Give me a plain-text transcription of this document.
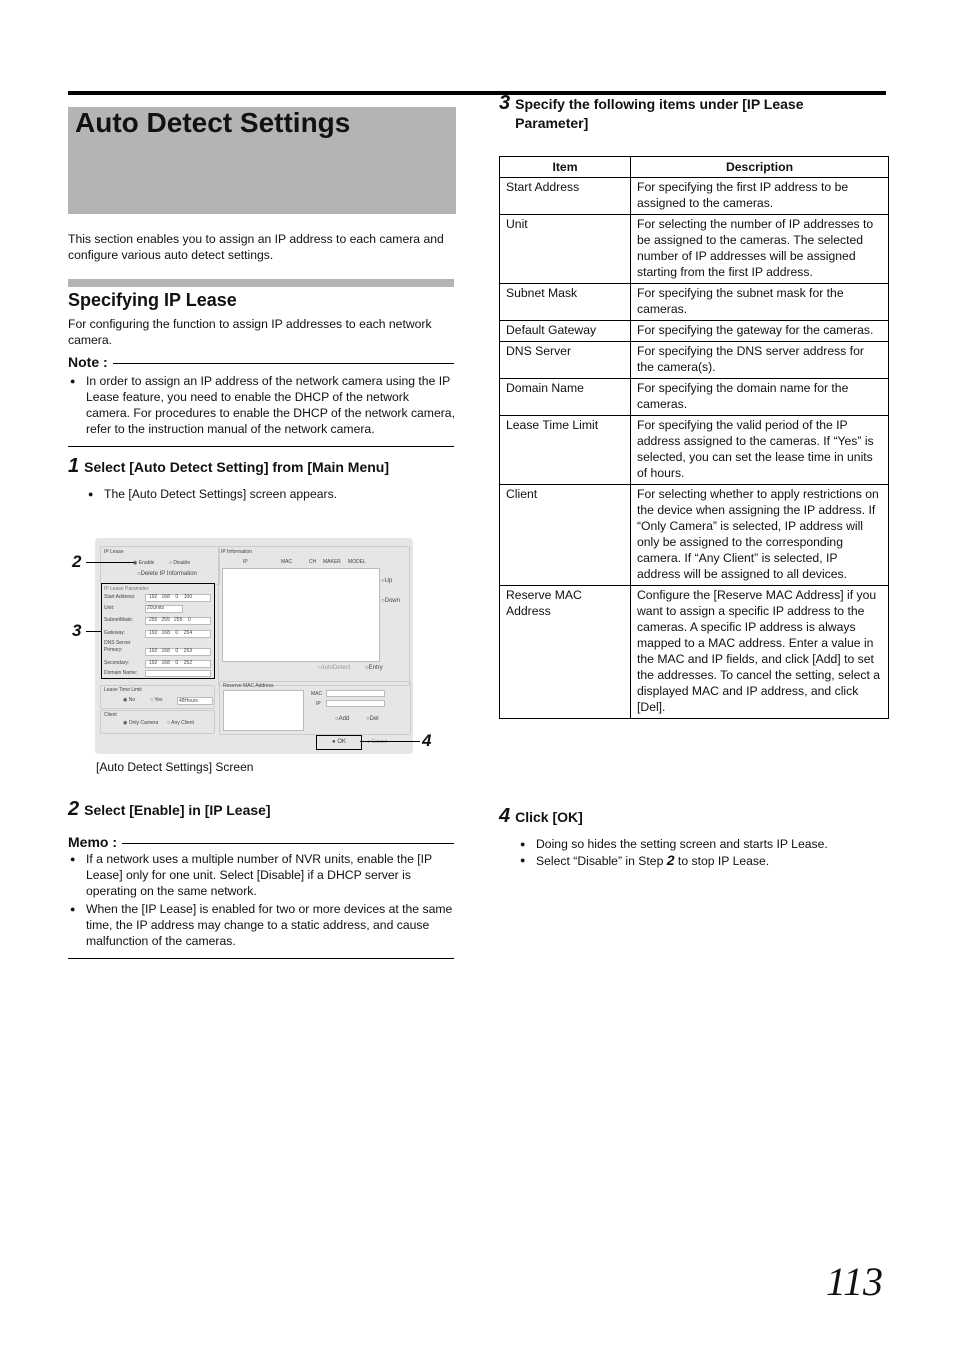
Auto Detect Settings
This section enables you to assign an IP address to each camera and configure various auto detect settings.
Specifying IP Lease
For configuring the function to assign IP addresses to each network camera.
Note :
● In order to assign an IP address of the network camera using the IP Lease feature, you need to enable the DHCP of the network camera. For procedures to enable the DHCP of the network camera, refer to the instruction manual of the network camera.
1 Select [Auto Detect Setting] from [Main Menu]
● The [Auto Detect Settings] screen appears.
IP Lease
◉ Enable	○ Disable
○Delete IP Information
IP Lease Parameter
Start Address:	192 168 0 100
Unit:	20Units
SubnetMask:	255 255 255 0
Gateway:	192 168 0 254
DNS Server
Primary:	192 168 0 253
Secondary:	192 168 0 252
Domain Name:
IP Information
IP	MAC	CH MAKER MODEL
○Up
○Down
○AutoDetect ○Entry
Lease Time Limit
◉ No	○ Yes	48Hours
Client
◉ Only Camera ○ Any Client
Reserve MAC Address
MAC
IP
○Add	○Del
● OK	● Cancel
2
3
4
[Auto Detect Settings] Screen
2 Select [Enable] in [IP Lease]
Memo :
● If a network uses a multiple number of NVR units, enable the [IP Lease] only for one unit. Select [Disable] if a DHCP server is operating on the same network.
● When the [IP Lease] is enabled for two or more devices at the same time, the IP address may change to a static address, and cause malfunction of the cameras.
3 Specify the following items under [IP Lease Parameter]
Item	Description
Start Address	For specifying the first IP address to be assigned to the cameras.
Unit	For selecting the number of IP addresses to be assigned to the cameras. The selected number of IP addresses will be assigned starting from the first IP address.
Subnet Mask	For specifying the subnet mask for the cameras.
Default Gateway	For specifying the gateway for the cameras.
DNS Server	For specifying the DNS server address for the camera(s).
Domain Name	For specifying the domain name for the cameras.
Lease Time Limit	For specifying the valid period of the IP address assigned to the cameras. If “Yes” is selected, you can set the lease time in units of hours.
Client	For selecting whether to apply restrictions on the device when assigning the IP address. If “Only Camera” is selected, IP address will only be assigned to the corresponding camera. If “Any Client” is selected, IP address will be assigned to all devices.
Reserve MAC Address	Configure the [Reserve MAC Address] if you want to assign a specific IP address to the cameras. A specific IP address is always mapped to a MAC address. Enter a value in the MAC and IP fields, and click [Add] to set the addresses. To cancel the setting, select a displayed MAC and IP address, and click [Del].
4 Click [OK]
● Doing so hides the setting screen and starts IP Lease.
● Select “Disable” in Step 2 to stop IP Lease.
113
